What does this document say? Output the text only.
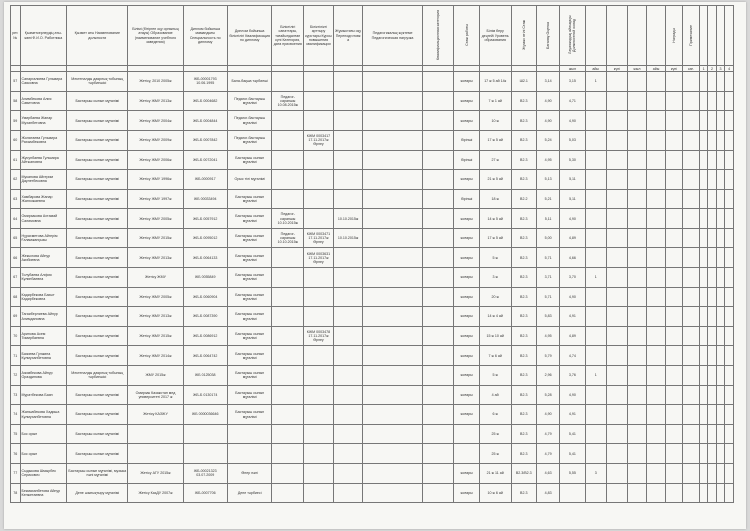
рет. №	Қызметкерлердің аты-жөні Ф.И.О. Работника	Қызмет аты Наименование должности	Білімі (бітірген оқу орнының атауы) Образование (наименование учебного заведения)	Диплом бойынша мамандығы Специальность по диплому	Диплом бойынша біліктілігі Квалификация по диплому	Біліктілігі санаттары, тағайындалған күні Категория, дата присвоения	Біліктілікті арттыру курстары Курсы повышения квалификации	Жұмыстағы оқу Переподготовка	Педагогикалық жүктеме Педагогическая нагрузка	Квалификационная категория	Стаж работы	Білім беру деңгейі Уровень образования	Жұмыс өтілі Стаж	Бағалау Оценка	Лауазымдық айлықақы Должностной оклад					Награды	Примечание				
															жыл	айы	күні	жыл	айы	күні	сағ.	1	2	3	4
57	Сапаргалиева Гульмира Саяковна	Мектепалды даярлық тобының тәрбиешісі	Жетісу, 2010 2005ж	ЖБ-00001793 10.06.1995	Бала-бақша тәрбиеші						жоғары	17 ж 5 ай 14к	Ш2.1	3,14	3,15	1									
58	Алимбекова Алия Савитовна	Бастауыш сынып мұғалімі	Жетісу ЖМУ 2013ж	ЖБ-Б 0004682	Педагог-бастауыш мұғалімі	Педагог-сарапшы 10.08.2015ж					жоғары	7 ж 1 ай	В2.3	4,90	4,71										
59	Умирбаева Жанар Муханбетовна	Бастауыш сынып мұғалімі	Жетісу ЖМУ 2004ж	ЖБ-Б 0004844	Педагог-бастауыш мұғалімі						жоғары	10 ж	В2.3	4,90	4,90										
60	Жолатаева Гульмира Рахымбековна	Бастауыш сынып мұғалімі	Жетісу ЖМУ 2009ж	ЖБ-Б 0007842	Педагог-бастауыш мұғалімі		КЖМ 0003417 17.11.2017ж Өрлеу				бірінші	17 ж 5 ай	В2.3	5,24	5,03										
61	Жусупбаева Гульмира Айтжановна	Бастауыш сынып мұғалімі	Жетісу ЖМУ 2006ж	ЖБ-Б 0072041	Бастауыш сынып мұғалімі						бірінші	27 ж	В2.3	4,95	5,30										
62	Муканова Айгерим Даулетбековна	Бастауыш сынып мұғалімі	Жетісу ЖМУ 1996ж	ЖБ-0000917	Орыс тілі мұғалімі						жоғары	21 ж 5 ай	В2.3	5,13	5,11										
63	Хамбарова Жанар Жанхожаевна	Бастауыш сынып мұғалімі	Жетісу ЖМУ 1997ж	ЖБ 00033494	Бастауыш сынып мұғалімі						бірінші	18 ж	В2.2	5,21	5,11										
64	Омирзакова Ахтамай Салимовна	Бастауыш сынып мұғалімі	Жетісу ЖМУ 2005ж	ЖБ-Б 0057912	Бастауыш сынып мұғалімі	Педагог-сарапшы 10.10.2015ж		10.10.2015ж			жоғары	14 ж 5 ай	В2.3	5,11	4,90										
65	Нұрахметова Айгерім Ғаламжанқызы	Бастауыш сынып мұғалімі	Жетісу ЖМУ 2015ж	ЖБ-Б 0095012	Бастауыш сынып мұғалімі	Педагог-сарапшы 10.10.2015ж	КЖМ 0003471 17.11.2017ж Өрлеу	10.10.2015ж			жоғары	17 ж 5 ай	В2.3	5,00	4,89										
66	Жекылова Айнур Акибиевна	Бастауыш сынып мұғалімі	Жетісу ЖМУ 2013ж	ЖБ-Б 0064133	Бастауыш сынып мұғалімі		КЖМ 0003631 17.11.2017ж Өрлеу				жоғары	5 ж	В2.3	5,71	4,66										
67	Толубаева Алфия Кулипбаевна	Бастауыш сынып мұғалімі	Жетісу ЖМУ	ЖБ 0055849	Бастауыш сынып мұғалімі						жоғары	3 ж	В2.3	3,71	3,70	1									
68	Кадирбекова Бахыт Кадирбековна	Бастауыш сынып мұғалімі	Жетісу ЖМУ 2005ж	ЖБ-Б 0060904	Бастауыш сынып мұғалімі						жоғары	20 ж	В2.3	5,71	4,90										
69	Тагаиберлиева Айнур Алимдановна	Бастауыш сынып мұғалімі	Жетісу ЖМУ 2013ж	ЖБ-Б 0087390	Бастауыш сынып мұғалімі						жоғары	14 ж 4 ай	В2.3	5,83	4,91										
70	Арипова Асем Тимирбаевна	Бастауыш сынып мұғалімі	Жетісу ЖМУ 2015ж	ЖБ-Б 0086912	Бастауыш сынып мұғалімі		КЖМ 0003478 17.11.2017ж Өрлеу				жоғары	15 ж 10 ай	В2.3	4,95	4,89										
71	Базиева Гулжина Кулмуханбетовна	Бастауыш сынып мұғалімі	Жетісу ЖМУ 2014ж	ЖБ-Б 0064742	Бастауыш сынып мұғалімі						жоғары	7 ж 6 ай	В2.3	5,79	4,74										
72	Азимбекова Айнур Ораздинова	Мектепалды даярлық тобының тәрбиешісі	ЖМУ 2015ж	ЖБ 0125038	Бастауыш сынып мұғалімі						жоғары	5 ж	В2.3	2,96	3,76	1									
73	Муратбекова Баян	Бастауыш сынып мұғалімі	Омирзак Казакстан мед университеті 2017 ж	ЖБ-Б 0130174	Бастауыш сынып мұғалімі						жоғары	4 ай	В2.3	5,28	4,90										
74	Жаныабекова Хадиша Кулмуханбетовна	Бастауыш сынып мұғалімі	Жетісу КАЗЖУ	ЖБ 0000036646	Бастауыш сынып мұғалімі						жоғары	6 ж	В2.3	4,90	4,91										
75	Бос орын	Бастауыш сынып мұғалімі										25 ж	В2.3	4,79	5,41										
76	Бос орын	Бастауыш сынып мұғалімі										25 ж	В2.3	4,79	5,41										
77	Сыдыкова Шмырбек Серикович	Бастауыш сынып мұғалімі, музыка пәні мұғалімі	Жетісу АГУ 2015ж	ЖБ-00021323 03.07.2009	Өнер пәні						жоғары	21 ж 11 ай	В2.3/В2.3	4,63	5,55	3									
78	Бекмаханбетова Айнур Кенжетаевна	Дене шынықтыру мұғалімі	Жетісу КазДУ 2007ж	ЖБ-0007706	Дене тәрбиесі						жоғары	10 ж 6 ай	В2.3	4,83											
